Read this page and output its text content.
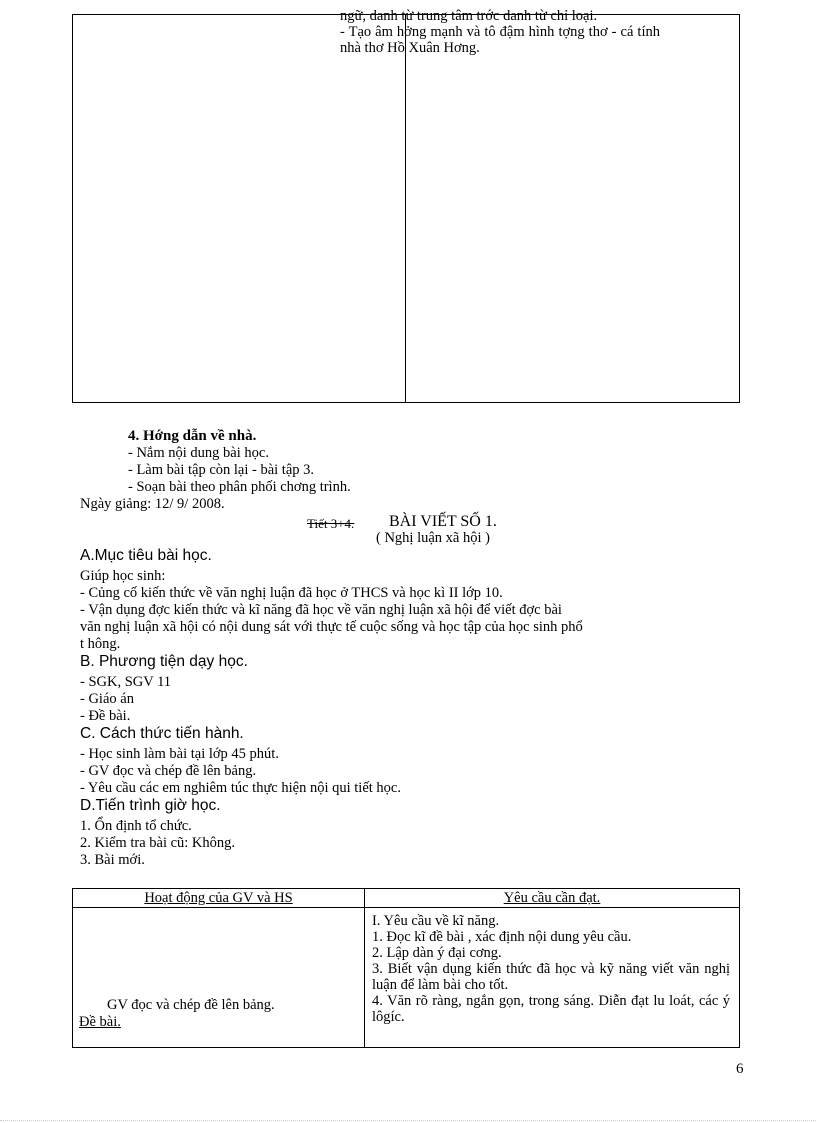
ngữ, danh từ trung tâm trớc danh từ chỉ loại.

- Tạo âm hởng mạnh và tô đậm hình tợng thơ - cá tính nhà thơ Hồ Xuân Hơng.

4. Hớng dẫn về nhà.
- Nắm nội dung bài học.
- Làm bài tập còn lại - bài tập 3.
- Soạn bài theo phân phối chơng trình.
Ngày giảng: 12/ 9/ 2008.
Tiết 3+4. BÀI VIẾT SỐ 1.
( Nghị luận xã hội )
A.Mục tiêu bài học.
Giúp học sinh:
- Củng cố kiến thức về văn nghị luận đã học ở THCS và học kì II lớp 10.
- Vận dụng đợc kiến thức và kĩ năng đã học về văn nghị luận xã hội để viết đợc bài
văn nghị luận xã hội có nội dung sát với thực tế cuộc sống và học tập của học sinh phổ
t hông.
B. Phương tiện dạy học.
- SGK, SGV 11
- Giáo án
- Đề bài.
C. Cách thức tiến hành.
- Học sinh làm bài tại lớp 45 phút.
- GV đọc và chép đề lên bảng.
- Yêu cầu các em nghiêm túc thực hiện nội qui tiết học.
D.Tiến trình giờ học.
1. Ổn định tổ chức.
2. Kiểm tra bài cũ: Không.
3. Bài mới.
Hoạt động của GV và HS	Yêu cầu cần đạt.
GV đọc và chép đề lên bảng.
Đề bài.

I. Yêu cầu về kĩ năng.

1. Đọc kĩ đề bài , xác định nội dung yêu cầu.

2. Lập dàn ý đại cơng.

3. Biết vận dụng kiến thức đã học và kỹ năng viết văn nghị luận để làm bài cho tốt.

4. Văn rõ ràng, ngắn gọn, trong sáng. Diễn đạt lu loát, các ý lôgíc.

6
